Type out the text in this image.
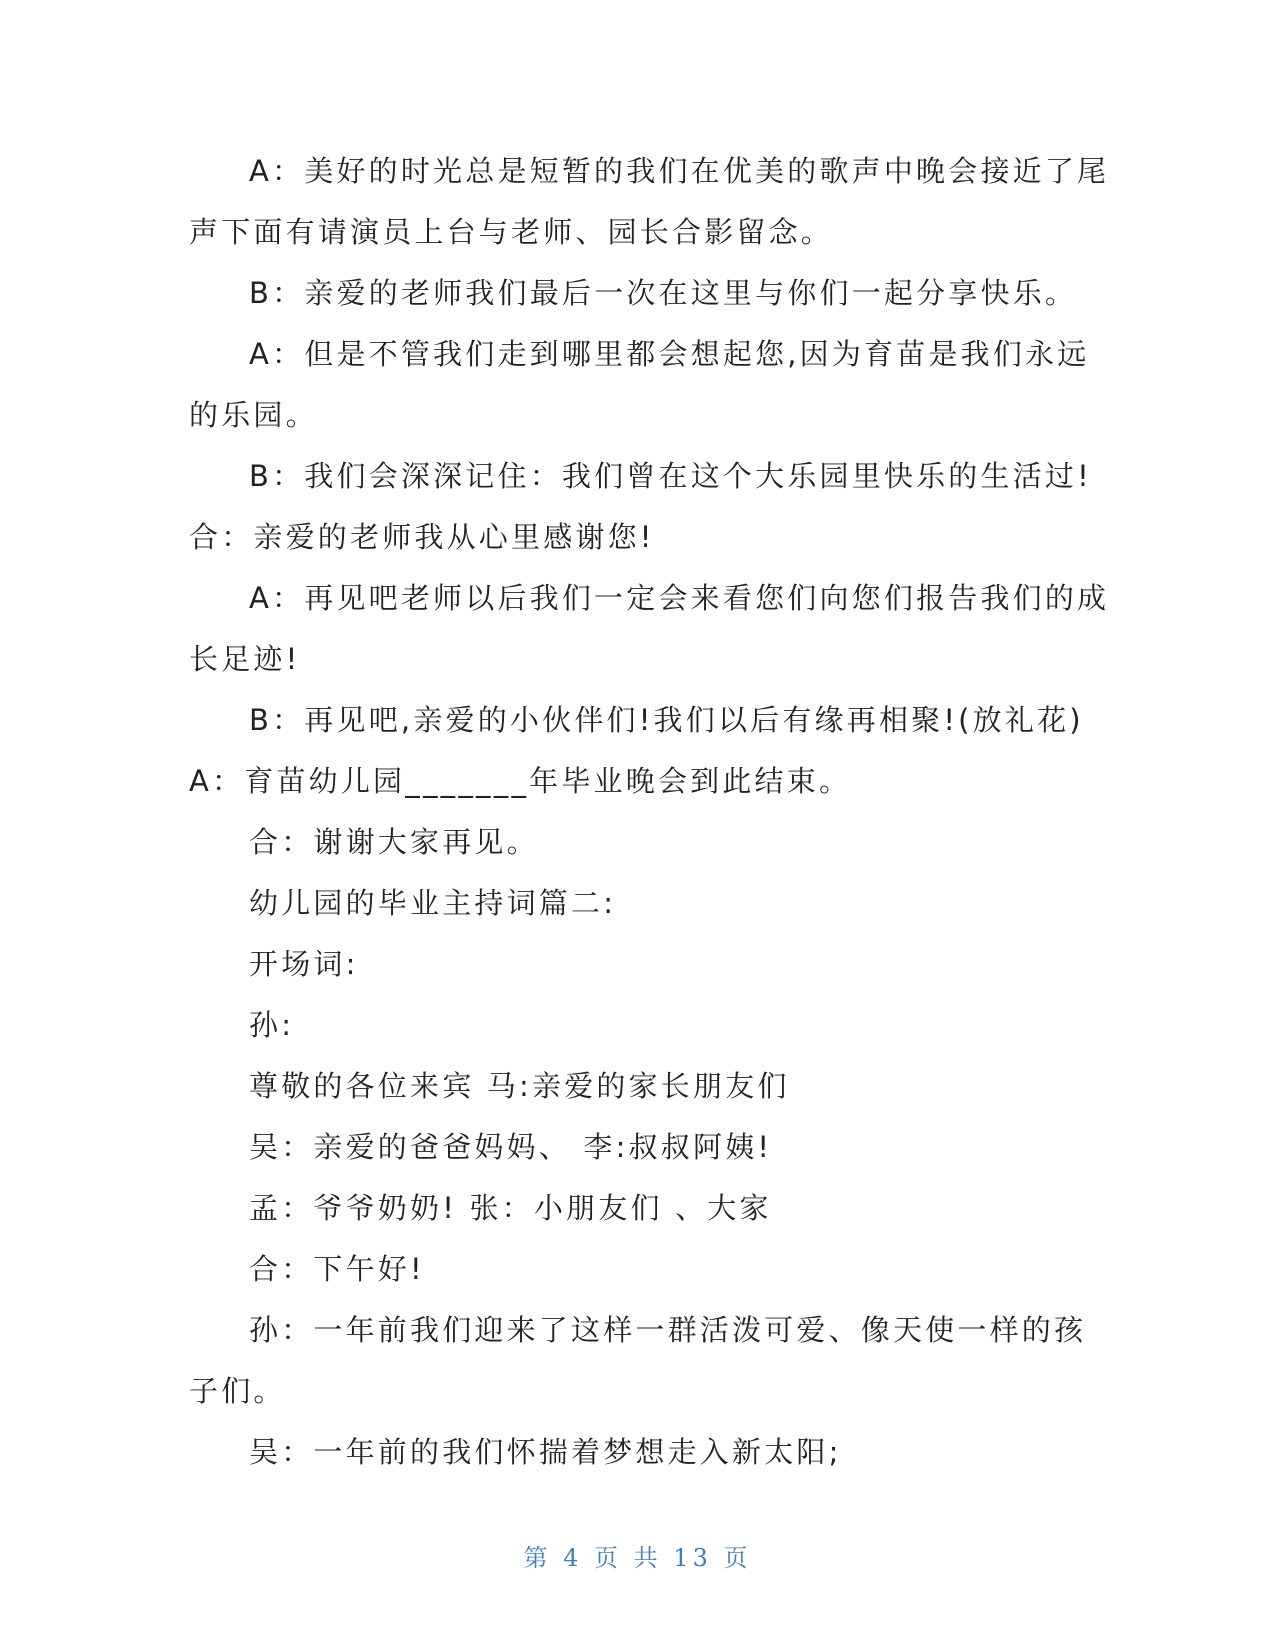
A：美好的时光总是短暂的我们在优美的歌声中晚会接近了尾
声下面有请演员上台与老师、园长合影留念。
B：亲爱的老师我们最后一次在这里与你们一起分享快乐。
A：但是不管我们走到哪里都会想起您,因为育苗是我们永远
的乐园。
B：我们会深深记住：我们曾在这个大乐园里快乐的生活过!
合：亲爱的老师我从心里感谢您!
A：再见吧老师以后我们一定会来看您们向您们报告我们的成
长足迹!
B：再见吧,亲爱的小伙伴们!我们以后有缘再相聚!(放礼花)
A：育苗幼儿园_______年毕业晚会到此结束。
合：谢谢大家再见。
幼儿园的毕业主持词篇二:
开场词:
孙:
尊敬的各位来宾 马:亲爱的家长朋友们
吴：亲爱的爸爸妈妈、 李:叔叔阿姨!
孟：爷爷奶奶! 张：小朋友们 、大家
合：下午好!
孙：一年前我们迎来了这样一群活泼可爱、像天使一样的孩
子们。
吴：一年前的我们怀揣着梦想走入新太阳;
第 4 页 共 13 页
